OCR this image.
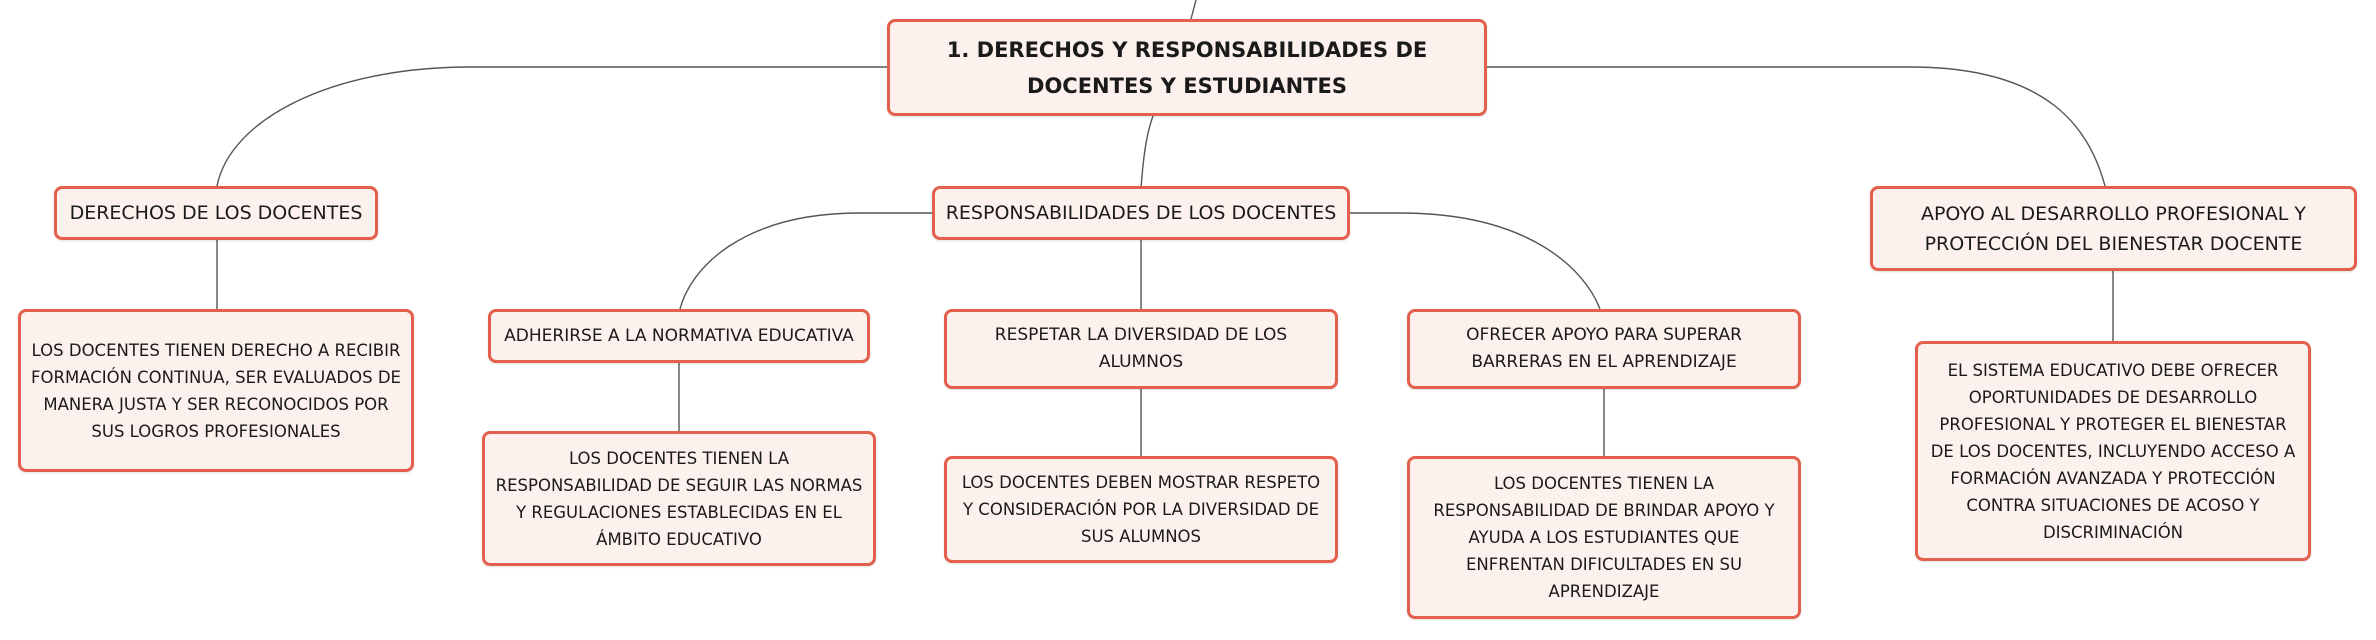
1. DERECHOS Y RESPONSABILIDADES DE DOCENTES Y ESTUDIANTES
DERECHOS DE LOS DOCENTES
LOS DOCENTES TIENEN DERECHO A RECIBIR FORMACIÓN CONTINUA, SER EVALUADOS DE MANERA JUSTA Y SER RECONOCIDOS POR SUS LOGROS PROFESIONALES
RESPONSABILIDADES DE LOS DOCENTES
ADHERIRSE A LA NORMATIVA EDUCATIVA
LOS DOCENTES TIENEN LA RESPONSABILIDAD DE SEGUIR LAS NORMAS Y REGULACIONES ESTABLECIDAS EN EL ÁMBITO EDUCATIVO
RESPETAR LA DIVERSIDAD DE LOS ALUMNOS
LOS DOCENTES DEBEN MOSTRAR RESPETO Y CONSIDERACIÓN POR LA DIVERSIDAD DE SUS ALUMNOS
OFRECER APOYO PARA SUPERAR BARRERAS EN EL APRENDIZAJE
LOS DOCENTES TIENEN LA RESPONSABILIDAD DE BRINDAR APOYO Y AYUDA A LOS ESTUDIANTES QUE ENFRENTAN DIFICULTADES EN SU APRENDIZAJE
APOYO AL DESARROLLO PROFESIONAL Y PROTECCIÓN DEL BIENESTAR DOCENTE
EL SISTEMA EDUCATIVO DEBE OFRECER OPORTUNIDADES DE DESARROLLO PROFESIONAL Y PROTEGER EL BIENESTAR DE LOS DOCENTES, INCLUYENDO ACCESO A FORMACIÓN AVANZADA Y PROTECCIÓN CONTRA SITUACIONES DE ACOSO Y DISCRIMINACIÓN
